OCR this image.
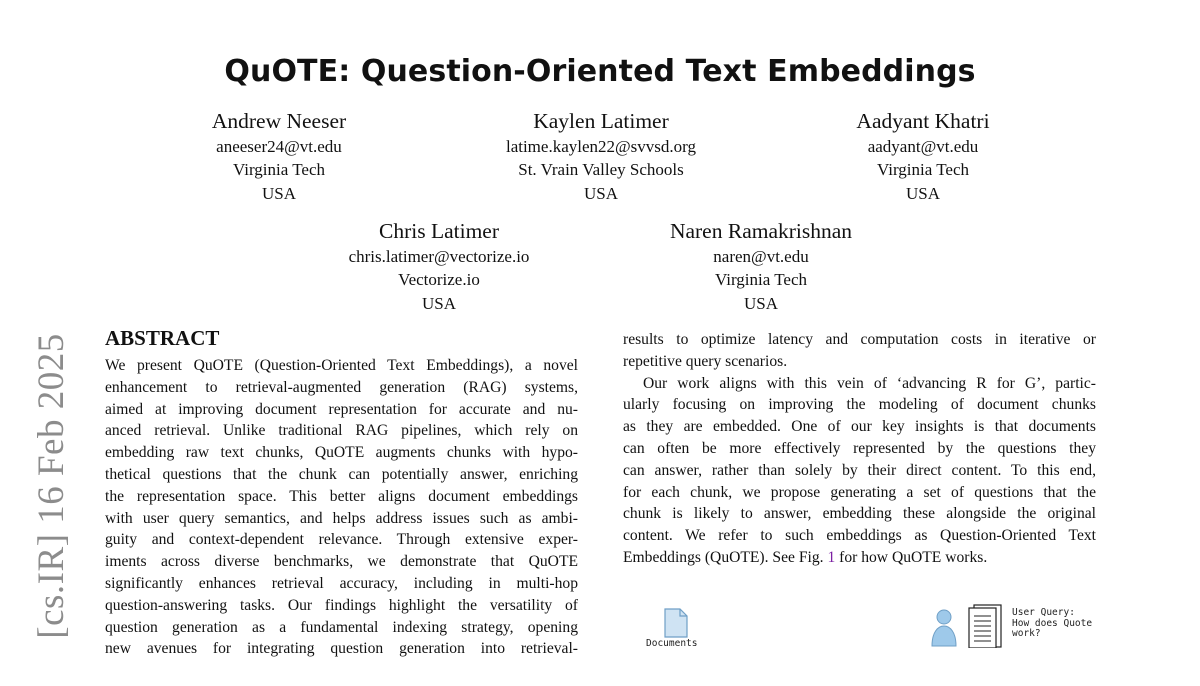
QuOTE: Question-Oriented Text Embeddings
Andrew Neeser
aneeser24@vt.edu
Virginia Tech
USA
Kaylen Latimer
latime.kaylen22@svvsd.org
St. Vrain Valley Schools
USA
Aadyant Khatri
aadyant@vt.edu
Virginia Tech
USA
Chris Latimer
chris.latimer@vectorize.io
Vectorize.io
USA
Naren Ramakrishnan
naren@vt.edu
Virginia Tech
USA
[cs.IR] 16 Feb 2025 ABSTRACT
We present QuOTE (Question-Oriented Text Embeddings), a novel
enhancement to retrieval-augmented generation (RAG) systems,
aimed at improving document representation for accurate and nu-
anced retrieval. Unlike traditional RAG pipelines, which rely on
embedding raw text chunks, QuOTE augments chunks with hypo-
thetical questions that the chunk can potentially answer, enriching
the representation space. This better aligns document embeddings
with user query semantics, and helps address issues such as ambi-
guity and context-dependent relevance. Through extensive exper-
iments across diverse benchmarks, we demonstrate that QuOTE
significantly enhances retrieval accuracy, including in multi-hop
question-answering tasks. Our findings highlight the versatility of
question generation as a fundamental indexing strategy, opening
new avenues for integrating question generation into retrieval-
results to optimize latency and computation costs in iterative or
repetitive query scenarios.
Our work aligns with this vein of ‘advancing R for G’, partic-
ularly focusing on improving the modeling of document chunks
as they are embedded. One of our key insights is that documents
can often be more effectively represented by the questions they
can answer, rather than solely by their direct content. To this end,
for each chunk, we propose generating a set of questions that the
chunk is likely to answer, embedding these alongside the original
content. We refer to such embeddings as Question-Oriented Text
Embeddings (QuOTE). See Fig. 1 for how QuOTE works.
Documents
User Query:
How does Quote
work?
